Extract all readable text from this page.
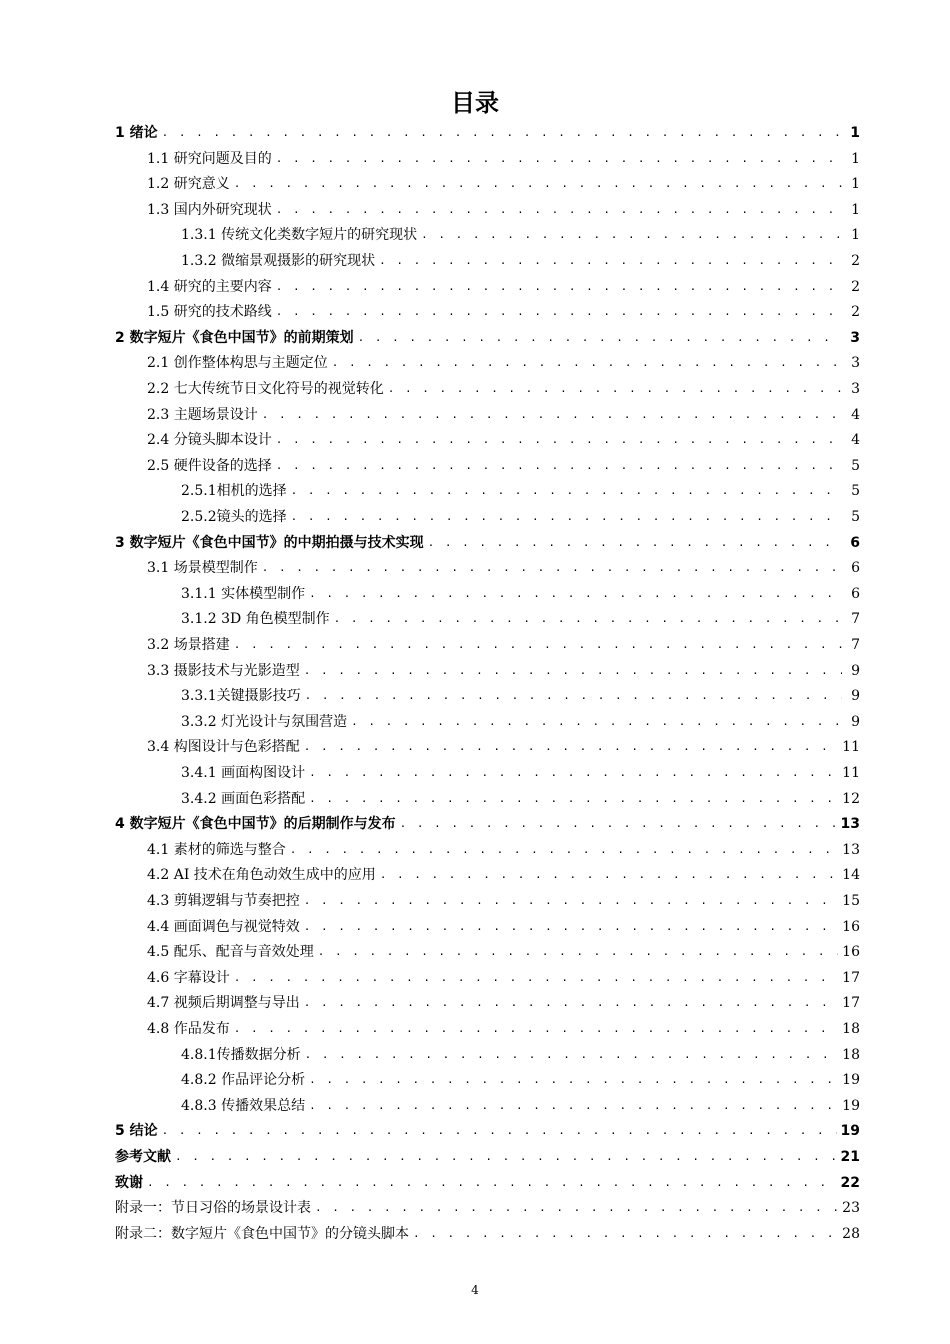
目录
1 绪论 . . .	1
1.1 研究问题及目的 . . .	1
1.2 研究意义 . . .	1
1.3 国内外研究现状 . . .	1
1.3.1 传统文化类数字短片的研究现状 . . .	1
1.3.2 微缩景观摄影的研究现状 . . .	2
1.4 研究的主要内容 . . .	2
1.5 研究的技术路线 . . .	2
2 数字短片《食色中国节》的前期策划 . . .	3
2.1 创作整体构思与主题定位 . . .	3
2.2 七大传统节日文化符号的视觉转化 . . .	3
2.3 主题场景设计 . . .	4
2.4 分镜头脚本设计 . . .	4
2.5 硬件设备的选择 . . .	5
2.5.1相机的选择 . . .	5
2.5.2镜头的选择 . . .	5
3 数字短片《食色中国节》的中期拍摄与技术实现 . . .	6
3.1 场景模型制作 . . .	6
3.1.1 实体模型制作 . . .	6
3.1.2 3D 角色模型制作 . . .	7
3.2 场景搭建 . . .	7
3.3 摄影技术与光影造型 . . .	9
3.3.1关键摄影技巧 . . .	9
3.3.2 灯光设计与氛围营造 . . .	9
3.4 构图设计与色彩搭配 . . .	11
3.4.1 画面构图设计 . . .	11
3.4.2 画面色彩搭配 . . .	12
4 数字短片《食色中国节》的后期制作与发布 . . .	13
4.1 素材的筛选与整合 . . .	13
4.2 AI 技术在角色动效生成中的应用 . . .	14
4.3 剪辑逻辑与节奏把控 . . .	15
4.4 画面调色与视觉特效 . . .	16
4.5 配乐、配音与音效处理 . . .	16
4.6 字幕设计 . . .	17
4.7 视频后期调整与导出 . . .	17
4.8 作品发布 . . .	18
4.8.1传播数据分析 . . .	18
4.8.2 作品评论分析 . . .	19
4.8.3 传播效果总结 . . .	19
5 结论 . . .	19
参考文献 . . .	21
致谢 . . .	22
附录一：节日习俗的场景设计表 . . .	23
附录二：数字短片《食色中国节》的分镜头脚本 . . .	28
4
